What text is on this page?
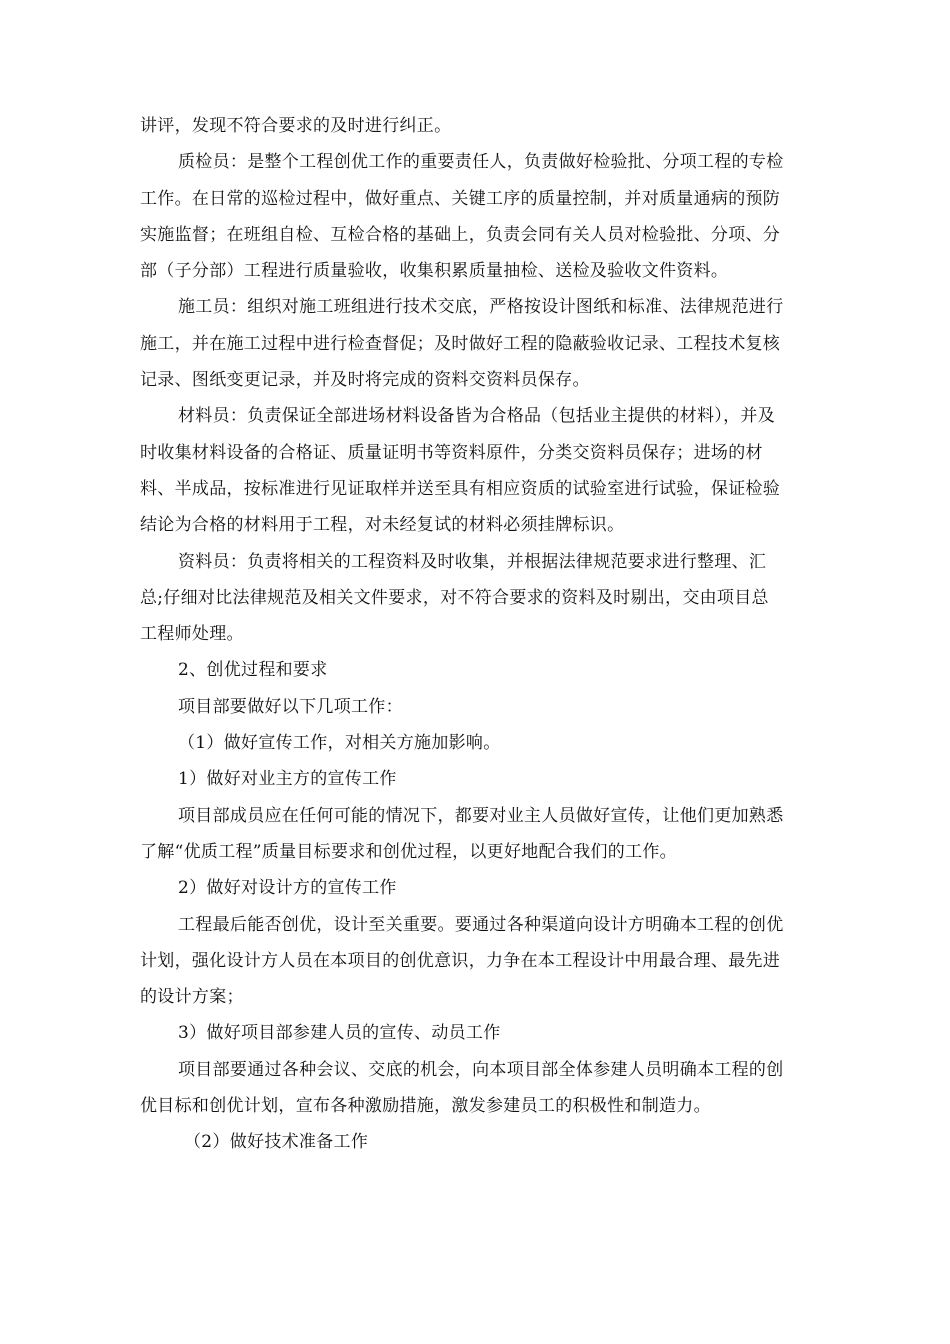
讲评，发现不符合要求的及时进行纠正。
质检员：是整个工程创优工作的重要责任人，负责做好检验批、分项工程的专检
工作。在日常的巡检过程中，做好重点、关键工序的质量控制，并对质量通病的预防
实施监督；在班组自检、互检合格的基础上，负责会同有关人员对检验批、分项、分
部（子分部）工程进行质量验收，收集积累质量抽检、送检及验收文件资料。
施工员：组织对施工班组进行技术交底，严格按设计图纸和标准、法律规范进行
施工，并在施工过程中进行检查督促；及时做好工程的隐蔽验收记录、工程技术复核
记录、图纸变更记录，并及时将完成的资料交资料员保存。
材料员：负责保证全部进场材料设备皆为合格品（包括业主提供的材料），并及
时收集材料设备的合格证、质量证明书等资料原件，分类交资料员保存；进场的材
料、半成品，按标准进行见证取样并送至具有相应资质的试验室进行试验，保证检验
结论为合格的材料用于工程，对未经复试的材料必须挂牌标识。
资料员：负责将相关的工程资料及时收集，并根据法律规范要求进行整理、汇
总;仔细对比法律规范及相关文件要求，对不符合要求的资料及时剔出，交由项目总
工程师处理。
2、创优过程和要求
项目部要做好以下几项工作：
（1）做好宣传工作，对相关方施加影响。
1）做好对业主方的宣传工作
项目部成员应在任何可能的情况下，都要对业主人员做好宣传，让他们更加熟悉
了解“优质工程”质量目标要求和创优过程，以更好地配合我们的工作。
2）做好对设计方的宣传工作
工程最后能否创优，设计至关重要。要通过各种渠道向设计方明确本工程的创优
计划，强化设计方人员在本项目的创优意识，力争在本工程设计中用最合理、最先进
的设计方案；
3）做好项目部参建人员的宣传、动员工作
项目部要通过各种会议、交底的机会，向本项目部全体参建人员明确本工程的创
优目标和创优计划，宣布各种激励措施，激发参建员工的积极性和制造力。
（2）做好技术准备工作
